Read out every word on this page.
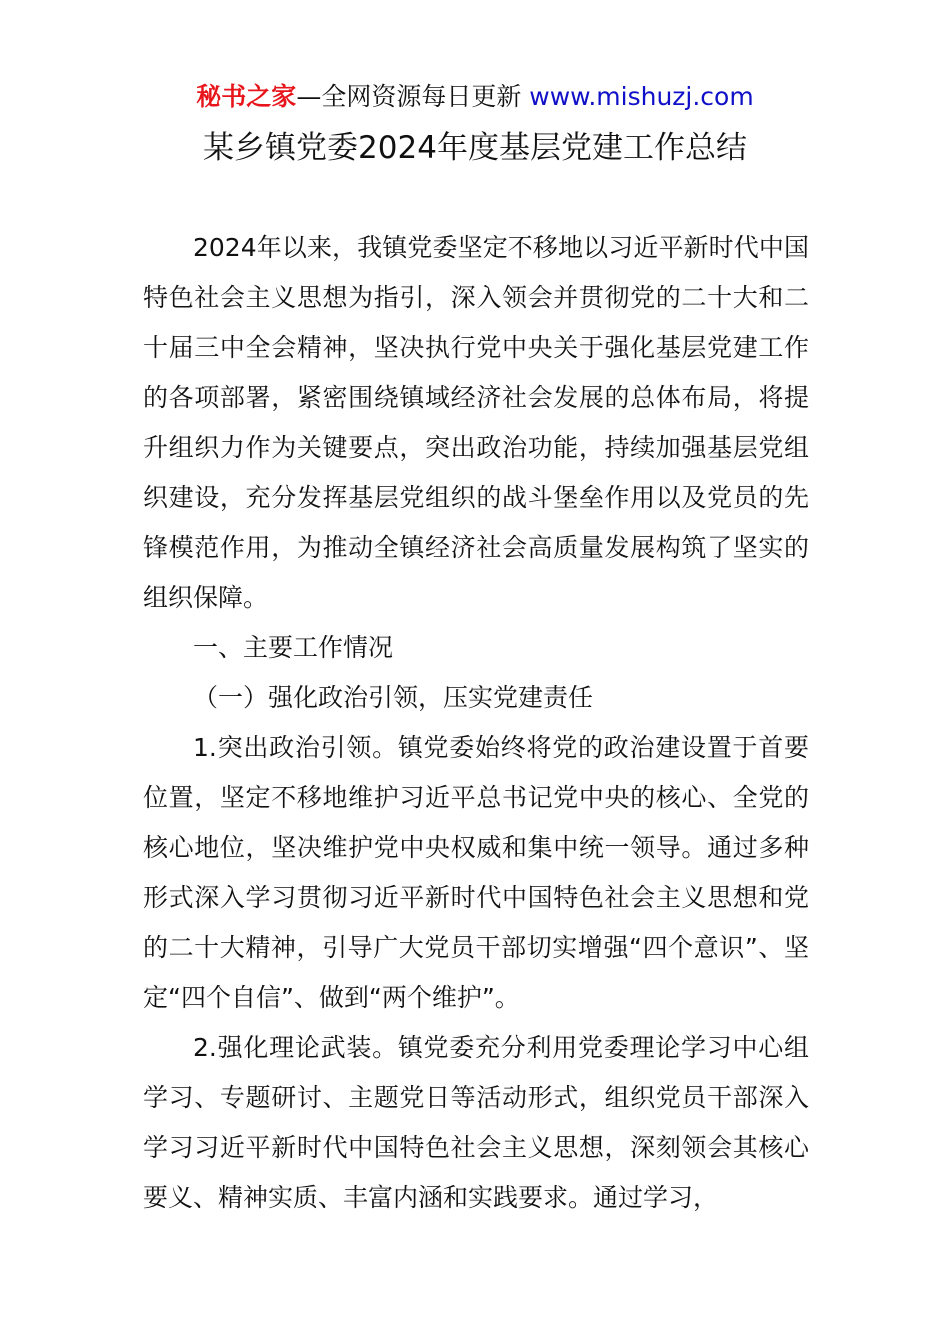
秘书之家—全网资源每日更新 www.mishuzj.com
某乡镇党委2024年度基层党建工作总结

2024年以来，我镇党委坚定不移地以习近平新时代中国特色社会主义思想为指引，深入领会并贯彻党的二十大和二十届三中全会精神，坚决执行党中央关于强化基层党建工作的各项部署，紧密围绕镇域经济社会发展的总体布局，将提升组织力作为关键要点，突出政治功能，持续加强基层党组织建设，充分发挥基层党组织的战斗堡垒作用以及党员的先锋模范作用，为推动全镇经济社会高质量发展构筑了坚实的组织保障。

一、主要工作情况

（一）强化政治引领，压实党建责任

1.突出政治引领。镇党委始终将党的政治建设置于首要位置，坚定不移地维护习近平总书记党中央的核心、全党的核心地位，坚决维护党中央权威和集中统一领导。通过多种形式深入学习贯彻习近平新时代中国特色社会主义思想和党的二十大精神，引导广大党员干部切实增强“四个意识”、坚定“四个自信”、做到“两个维护”。

2.强化理论武装。镇党委充分利用党委理论学习中心组学习、专题研讨、主题党日等活动形式，组织党员干部深入学习习近平新时代中国特色社会主义思想，深刻领会其核心要义、精神实质、丰富内涵和实践要求。通过学习，
